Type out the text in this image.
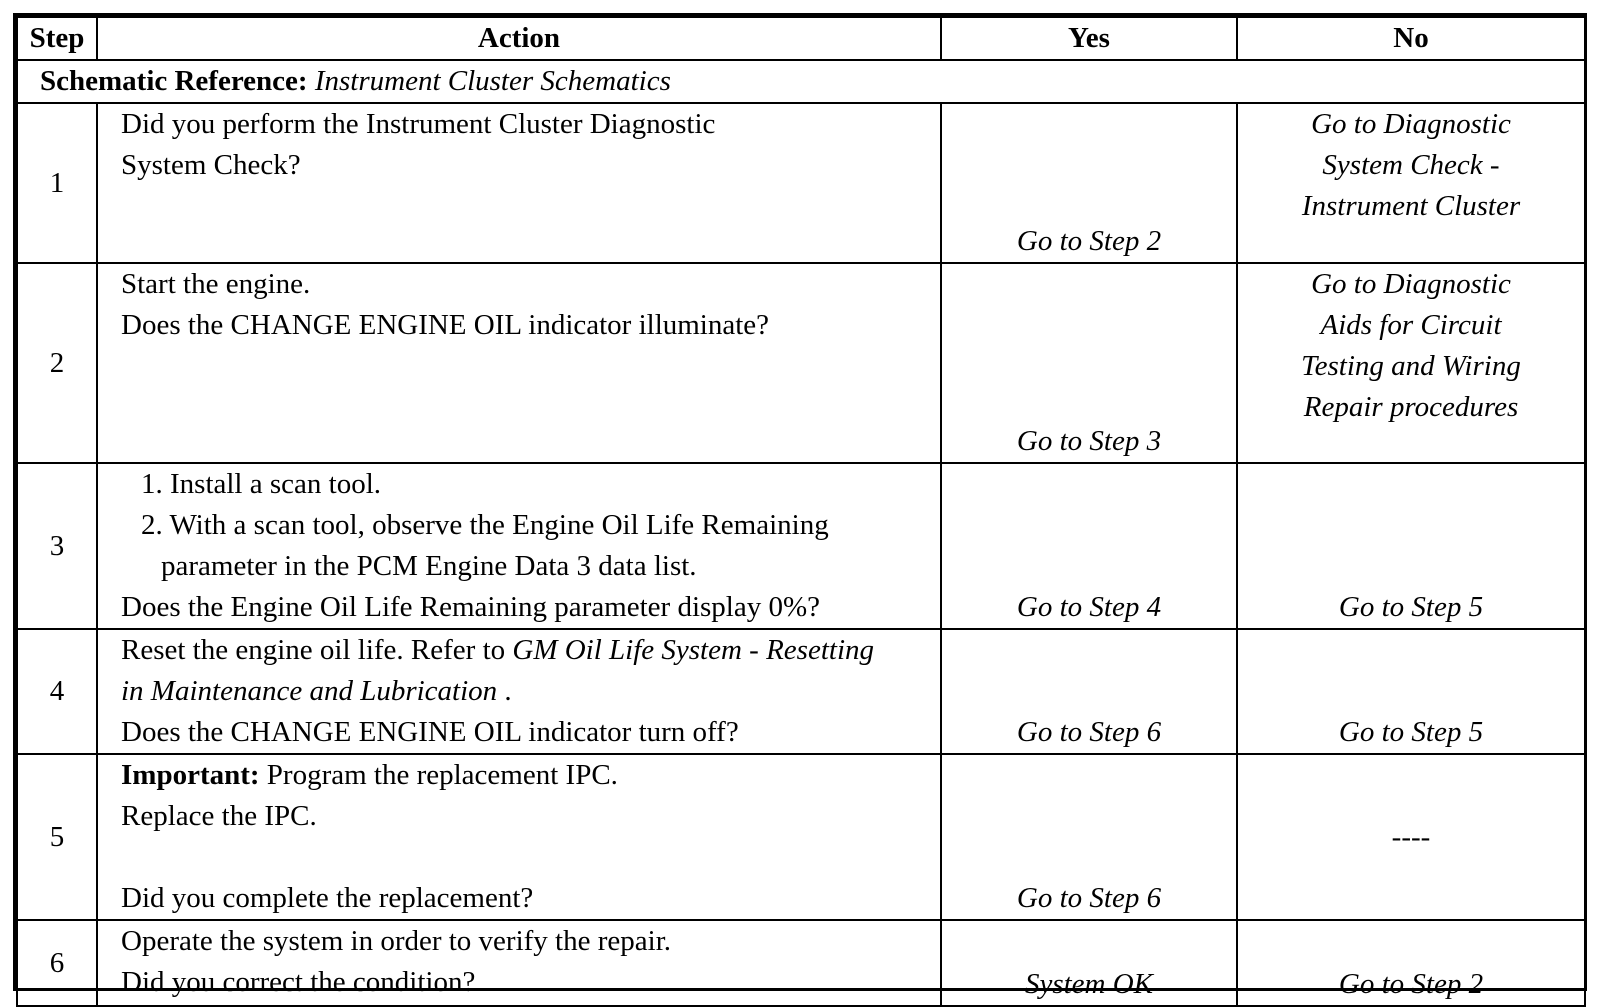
Step	Action	Yes	No
Schematic Reference: Instrument Cluster Schematics			
1	Did you perform the Instrument Cluster Diagnostic
System Check?	Go to Step 2	Go to Diagnostic
System Check -
Instrument Cluster

2	Start the engine.
Does the CHANGE ENGINE OIL indicator illuminate?	Go to Step 3	Go to Diagnostic
Aids for Circuit
Testing and Wiring
Repair procedures

3	1. Install a scan tool.
2. With a scan tool, observe the Engine Oil Life Remaining
parameter in the PCM Engine Data 3 data list.
Does the Engine Oil Life Remaining parameter display 0%?	Go to Step 4	Go to Step 5
4	Reset the engine oil life. Refer to GM Oil Life System - Resetting
in Maintenance and Lubrication .
Does the CHANGE ENGINE OIL indicator turn off?	Go to Step 6	Go to Step 5
5	Important: Program the replacement IPC.
Replace the IPC.
Did you complete the replacement?	Go to Step 6	----
6	Operate the system in order to verify the repair.
Did you correct the condition?	System OK	Go to Step 2
